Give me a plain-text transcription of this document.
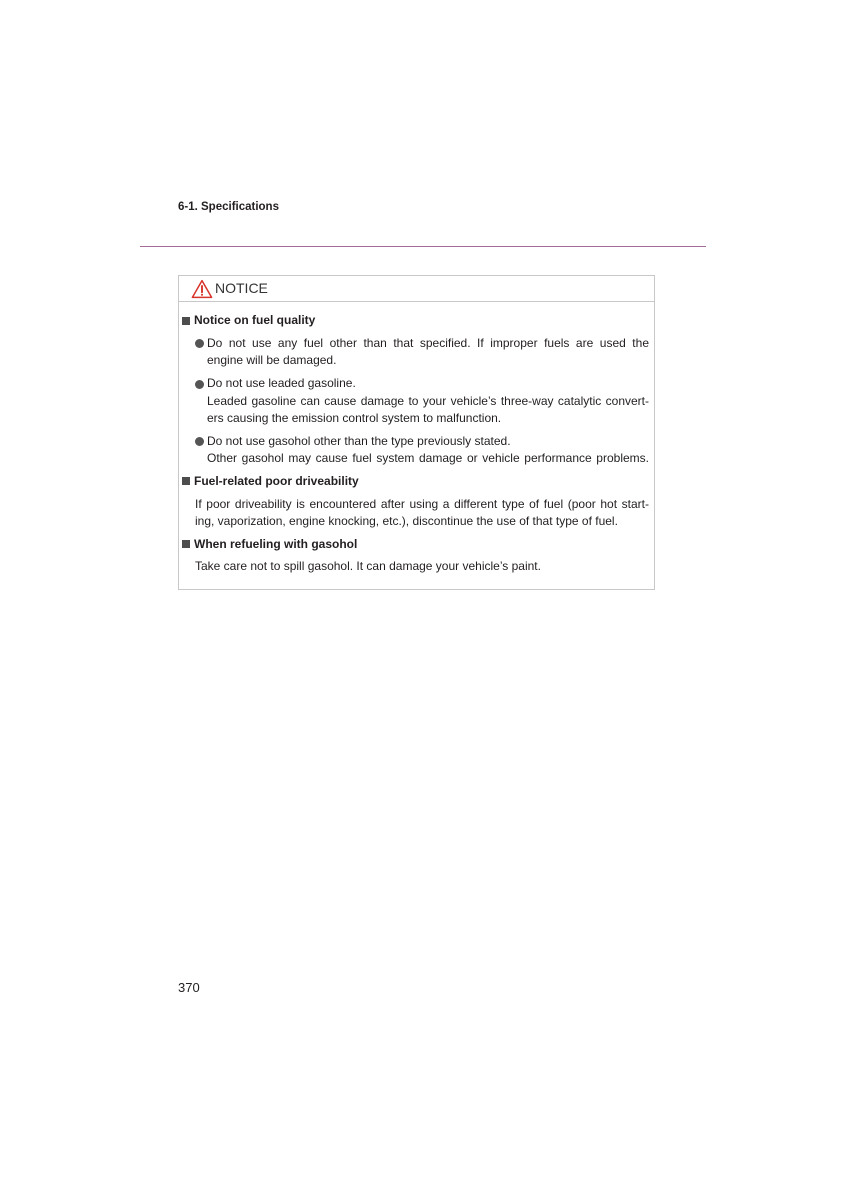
6-1. Specifications
NOTICE
Notice on fuel quality
Do not use any fuel other than that specified. If improper fuels are used the
engine will be damaged.
Do not use leaded gasoline.
Leaded gasoline can cause damage to your vehicle’s three-way catalytic convert-
ers causing the emission control system to malfunction.
Do not use gasohol other than the type previously stated.
Other gasohol may cause fuel system damage or vehicle performance problems.
Fuel-related poor driveability
If poor driveability is encountered after using a different type of fuel (poor hot start-
ing, vaporization, engine knocking, etc.), discontinue the use of that type of fuel.
When refueling with gasohol
Take care not to spill gasohol. It can damage your vehicle’s paint.
370
